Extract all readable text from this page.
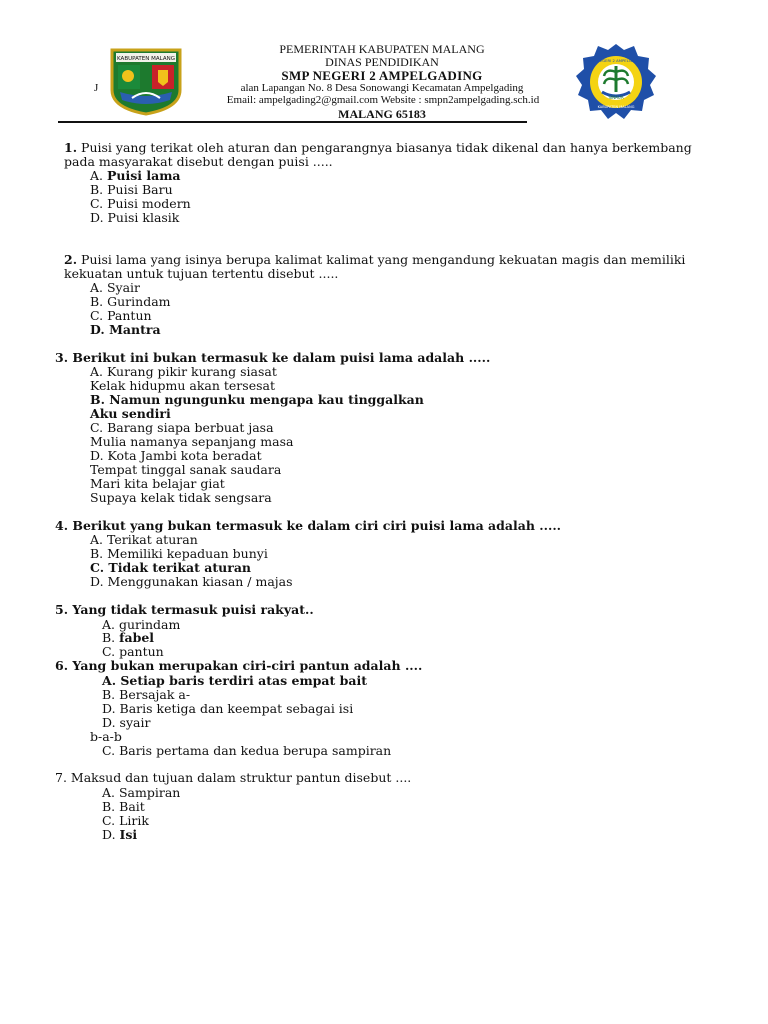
KABUPATEN MALANG
J
PEMERINTAH KABUPATEN MALANG
DINAS PENDIDIKAN
SMP NEGERI 2 AMPELGADING
alan Lapangan No. 8 Desa Sonowangi Kecamatan Ampelgading
Email: ampelgading2@gmail.com Website : smpn2ampelgading.sch.id
MALANG 65183
SINAUA
SMP NEGERI 2 AMPELGADING
KABUPATEN MALANG
1. Puisi yang terikat oleh aturan dan pengarangnya biasanya tidak dikenal dan hanya berkembang
pada masyarakat disebut dengan puisi .....
A. Puisi lama
B. Puisi Baru
C. Puisi modern
D. Puisi klasik
2. Puisi lama yang isinya berupa kalimat kalimat yang mengandung kekuatan magis dan memiliki
kekuatan untuk tujuan tertentu disebut .....
A. Syair
B. Gurindam
C. Pantun
D. Mantra
3. Berikut ini bukan termasuk ke dalam puisi lama adalah .....
A. Kurang pikir kurang siasat
Kelak hidupmu akan tersesat
B. Namun ngungunku mengapa kau tinggalkan
Aku sendiri
C. Barang siapa berbuat jasa
Mulia namanya sepanjang masa
D. Kota Jambi kota beradat
Tempat tinggal sanak saudara
Mari kita belajar giat
Supaya kelak tidak sengsara
4. Berikut yang bukan termasuk ke dalam ciri ciri puisi lama adalah .....
A. Terikat aturan
B. Memiliki kepaduan bunyi
C. Tidak terikat aturan
D. Menggunakan kiasan / majas
5. Yang tidak termasuk puisi rakyat..
A. gurindam
B. fabel
C. pantun
6. Yang bukan merupakan ciri-ciri pantun adalah ....
A. Setiap baris terdiri atas empat bait
B. Bersajak a-
D. Baris ketiga dan keempat sebagai isi
D. syair
b-a-b
C. Baris pertama dan kedua berupa sampiran
7. Maksud dan tujuan dalam struktur pantun disebut ....
A. Sampiran
B. Bait
C. Lirik
D. Isi
